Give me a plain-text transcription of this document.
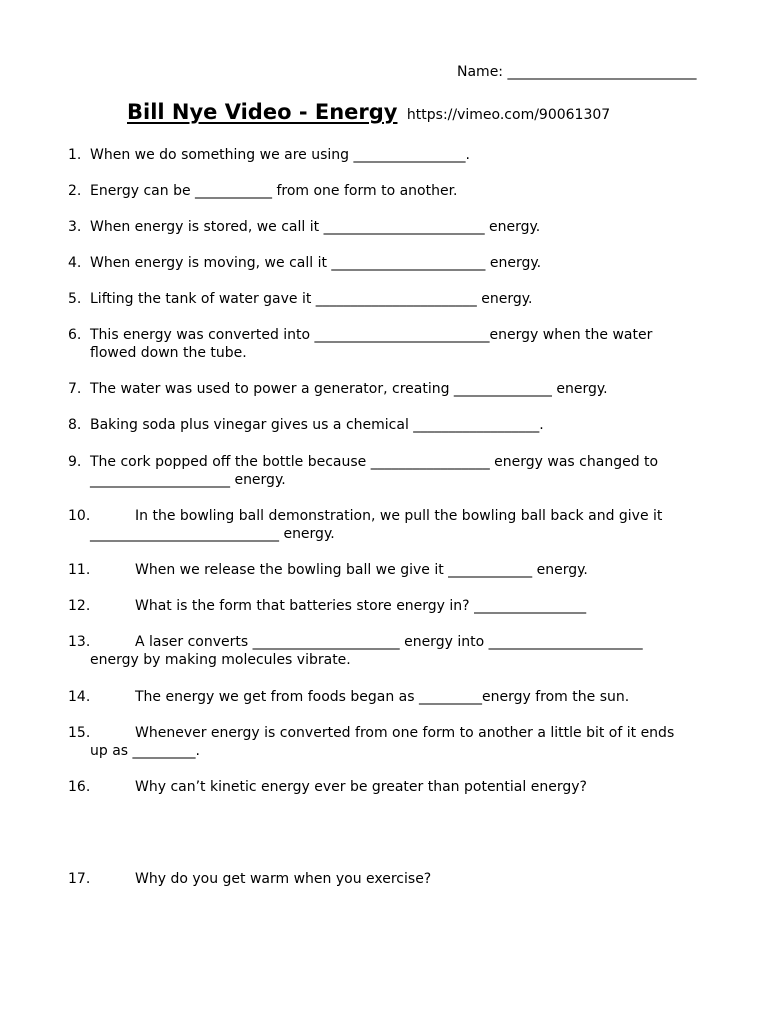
Name: ___________________________
Bill Nye Video - Energy https://vimeo.com/90061307
1. When we do something we are using ________________.
2. Energy can be ___________ from one form to another.
3. When energy is stored, we call it _______________________ energy.
4. When energy is moving, we call it ______________________ energy.
5. Lifting the tank of water gave it _______________________ energy.
6. This energy was converted into _________________________energy when the water
flowed down the tube.
7. The water was used to power a generator, creating ______________ energy.
8. Baking soda plus vinegar gives us a chemical __________________.
9. The cork popped off the bottle because _________________ energy was changed to
____________________ energy.
10.	In the bowling ball demonstration, we pull the bowling ball back and give it
___________________________ energy.
11.	When we release the bowling ball we give it ____________ energy.
12.	What is the form that batteries store energy in? ________________
13.	A laser converts _____________________ energy into ______________________
energy by making molecules vibrate.
14.	The energy we get from foods began as _________energy from the sun.
15.	Whenever energy is converted from one form to another a little bit of it ends
up as _________.
16.	Why can’t kinetic energy ever be greater than potential energy?
17.	Why do you get warm when you exercise?
